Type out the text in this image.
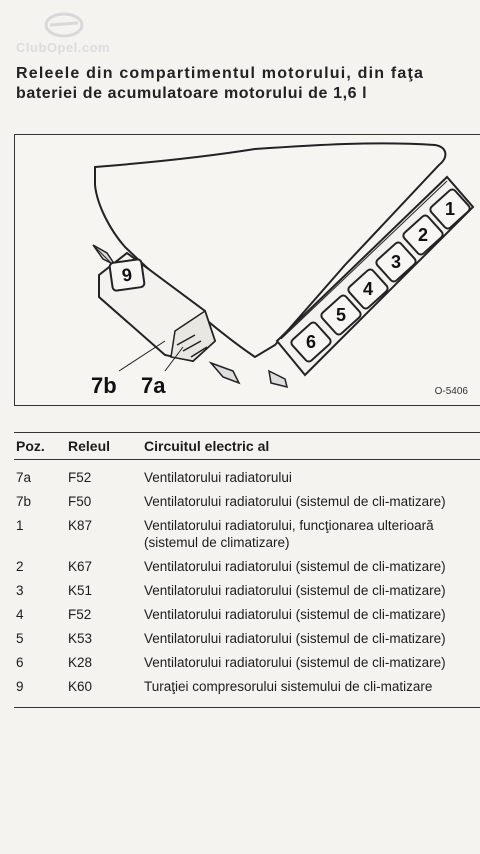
ClubOpel.com
Releele din compartimentul motorului, din faţa
bateriei de acumulatoare motorului de 1,6 l
9
6
5
4
3
2
1
7b 7a	O-5406
Poz.	Releul	Circuitul electric al
7a	F52	Ventilatorului radiatorului
7b	F50	Ventilatorului radiatorului (sistemul de cli-matizare)
1	K87	Ventilatorului radiatorului, funcţionarea ulterioară (sistemul de climatizare)
2	K67	Ventilatorului radiatorului (sistemul de cli-matizare)
3	K51	Ventilatorului radiatorului (sistemul de cli-matizare)
4	F52	Ventilatorului radiatorului (sistemul de cli-matizare)
5	K53	Ventilatorului radiatorului (sistemul de cli-matizare)
6	K28	Ventilatorului radiatorului (sistemul de cli-matizare)
9	K60	Turaţiei compresorului sistemului de cli-matizare
